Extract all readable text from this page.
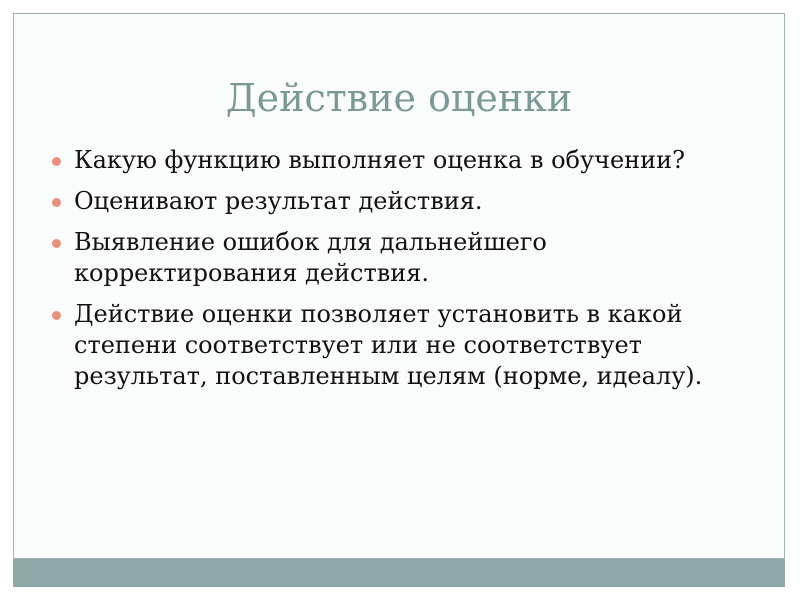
Действие оценки
Какую функцию выполняет оценка в обучении?
Оценивают результат действия.
Выявление ошибок для дальнейшего корректирования действия.
Действие оценки позволяет установить в какой степени соответствует или не соответствует результат, поставленным целям (норме, идеалу).
